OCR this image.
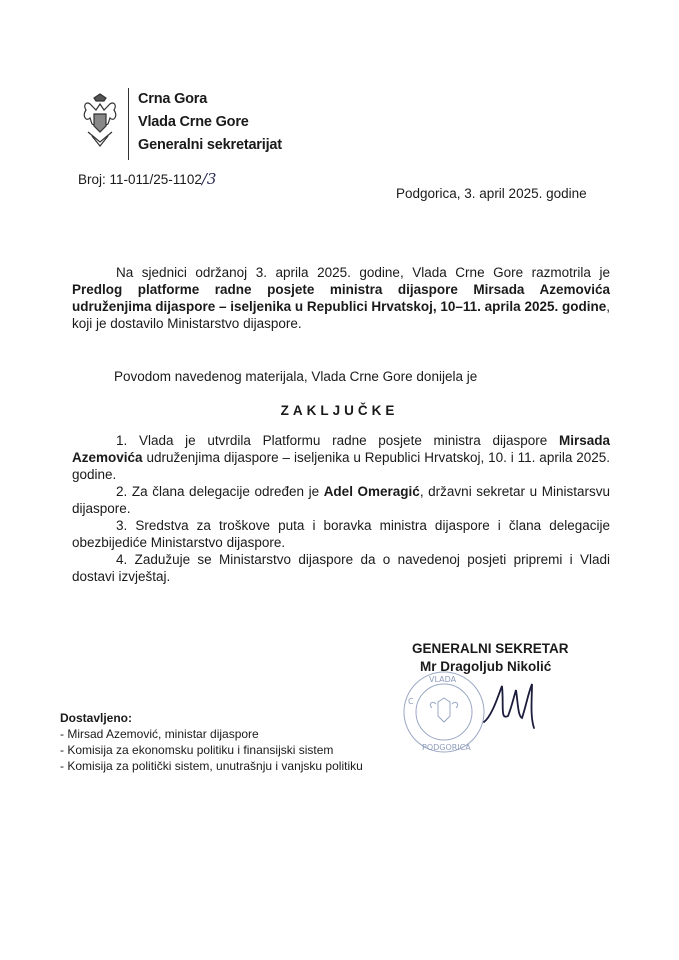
Crna Gora
Vlada Crne Gore
Generalni sekretarijat
Broj: 11-011/25-1102/3
Podgorica, 3. april 2025. godine
Na sjednici održanoj 3. aprila 2025. godine, Vlada Crne Gore razmotrila je Predlog platforme radne posjete ministra dijaspore Mirsada Azemovića udruženjima dijaspore – iseljenika u Republici Hrvatskoj, 10–11. aprila 2025. godine, koji je dostavilo Ministarstvo dijaspore.
Povodom navedenog materijala, Vlada Crne Gore donijela je
ZAKLJUČKE

1. Vlada je utvrdila Platformu radne posjete ministra dijaspore Mirsada Azemovića udruženjima dijaspore – iseljenika u Republici Hrvatskoj, 10. i 11. aprila 2025. godine.

2. Za člana delegacije određen je Adel Omeragić, državni sekretar u Ministarsvu dijaspore.

3. Sredstva za troškove puta i boravka ministra dijaspore i člana delegacije obezbijediće Ministarstvo dijaspore.

4. Zadužuje se Ministarstvo dijaspore da o navedenoj posjeti pripremi i Vladi dostavi izvještaj.

GENERALNI SEKRETAR
Mr Dragoljub Nikolić
VLADA
C
PODGORICA
Dostavljeno:
- Mirsad Azemović, ministar dijaspore
- Komisija za ekonomsku politiku i finansijski sistem
- Komisija za politički sistem, unutrašnju i vanjsku politiku
